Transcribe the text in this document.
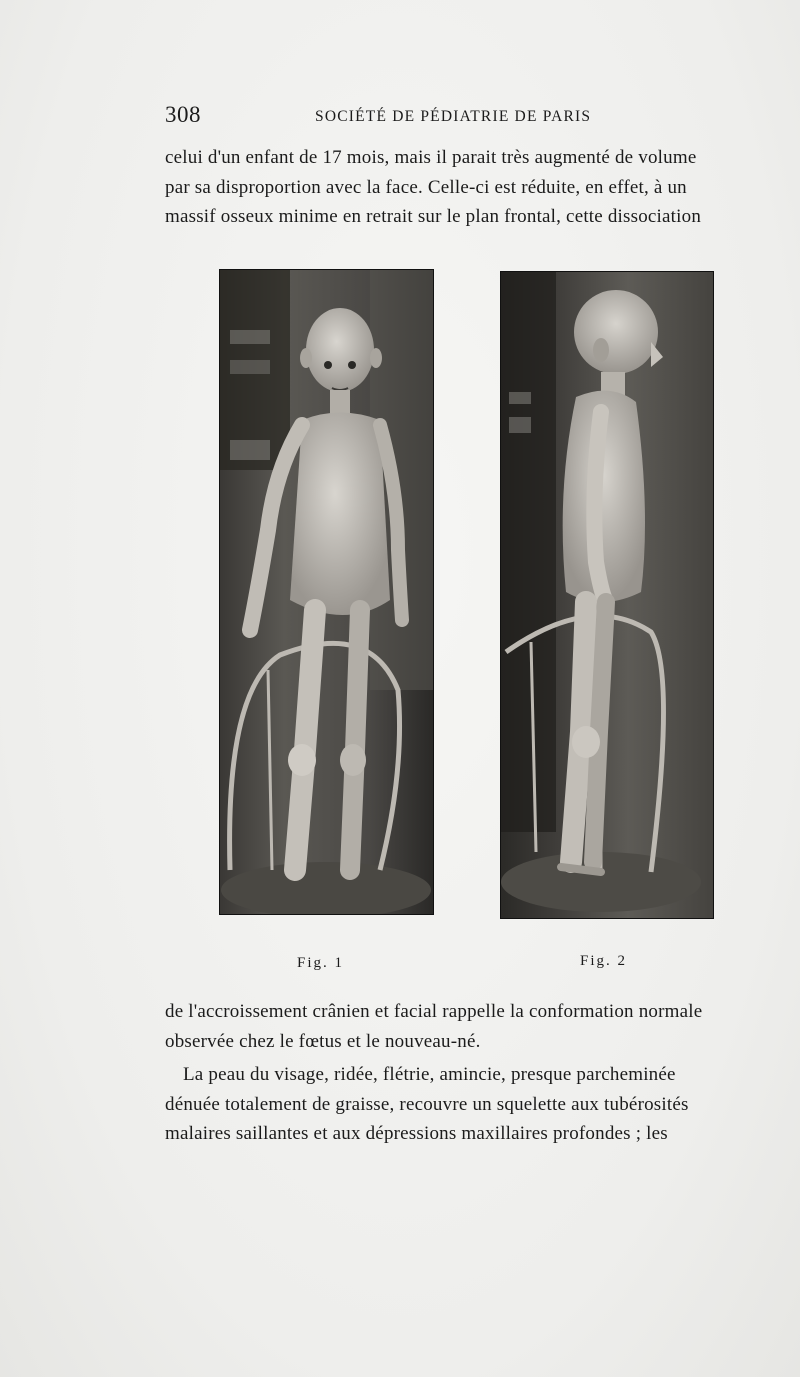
308	SOCIÉTÉ DE PÉDIATRIE DE PARIS
celui d'un enfant de 17 mois, mais il parait très augmenté de volume
par sa disproportion avec la face. Celle-ci est réduite, en effet, à un
massif osseux minime en retrait sur le plan frontal, cette dissociation
Fig. 1	Fig. 2
de l'accroissement crânien et facial rappelle la conformation normale
observée chez le fœtus et le nouveau-né.
La peau du visage, ridée, flétrie, amincie, presque parcheminée
dénuée totalement de graisse, recouvre un squelette aux tubérosités
malaires saillantes et aux dépressions maxillaires profondes ; les
